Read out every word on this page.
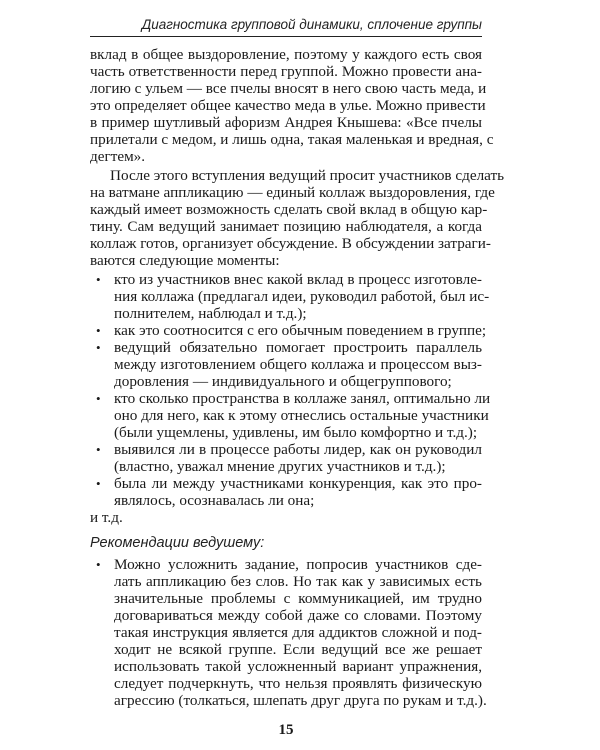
Диагностика групповой динамики, сплочение группы
вклад в общее выздоровление, поэтому у каждого есть своя
часть ответственности перед группой. Можно провести ана-
логию с ульем — все пчелы вносят в него свою часть меда, и
это определяет общее качество меда в улье. Можно привести
в пример шутливый афоризм Андрея Кнышева: «Все пчелы
прилетали с медом, и лишь одна, такая маленькая и вредная, с
дегтем».
После этого вступления ведущий просит участников сделать
на ватмане аппликацию — единый коллаж выздоровления, где
каждый имеет возможность сделать свой вклад в общую кар-
тину. Сам ведущий занимает позицию наблюдателя, а когда
коллаж готов, организует обсуждение. В обсуждении затраги-
ваются следующие моменты:
• кто из участников внес какой вклад в процесс изготовле-
ния коллажа (предлагал идеи, руководил работой, был ис-
полнителем, наблюдал и т.д.);
• как это соотносится с его обычным поведением в группе;
• ведущий обязательно помогает простроить параллель
между изготовлением общего коллажа и процессом выз-
доровления — индивидуального и общегруппового;
• кто сколько пространства в коллаже занял, оптимально ли
оно для него, как к этому отнеслись остальные участники
(были ущемлены, удивлены, им было комфортно и т.д.);
• выявился ли в процессе работы лидер, как он руководил
(властно, уважал мнение других участников и т.д.);
• была ли между участниками конкуренция, как это про-
являлось, осознавалась ли она;
и т.д.
Рекомендации ведушему:
• Можно усложнить задание, попросив участников сде-
лать аппликацию без слов. Но так как у зависимых есть
значительные проблемы с коммуникацией, им трудно
договариваться между собой даже со словами. Поэтому
такая инструкция является для аддиктов сложной и под-
ходит не всякой группе. Если ведущий все же решает
использовать такой усложненный вариант упражнения,
следует подчеркнуть, что нельзя проявлять физическую
агрессию (толкаться, шлепать друг друга по рукам и т.д.).
15
